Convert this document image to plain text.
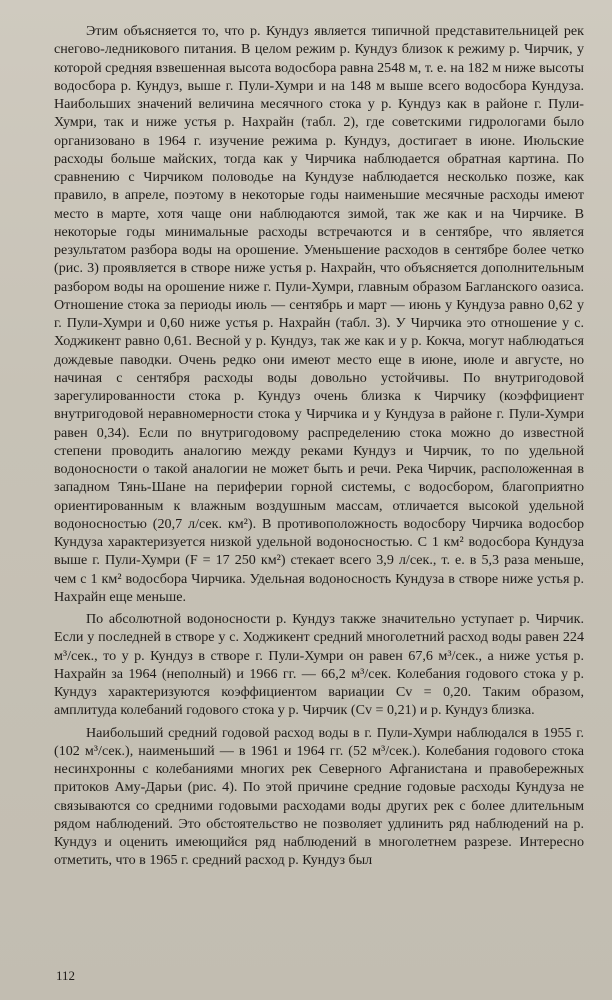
Этим объясняется то, что р. Кундуз является типичной представительницей рек снегово-ледникового питания. В целом режим р. Кундуз близок к режиму р. Чирчик, у которой средняя взвешенная высота водосбора равна 2548 м, т. е. на 182 м ниже высоты водосбора р. Кундуз, выше г. Пули-Хумри и на 148 м выше всего водосбора Кундуза. Наибольших значений величина месячного стока у р. Кундуз как в районе г. Пули-Хумри, так и ниже устья р. Нахрайн (табл. 2), где советскими гидрологами было организовано в 1964 г. изучение режима р. Кундуз, достигает в июне. Июльские расходы больше майских, тогда как у Чирчика наблюдается обратная картина. По сравнению с Чирчиком половодье на Кундузе наблюдается несколько позже, как правило, в апреле, поэтому в некоторые годы наименьшие месячные расходы имеют место в марте, хотя чаще они наблюдаются зимой, так же как и на Чирчике. В некоторые годы минимальные расходы встречаются и в сентябре, что является результатом разбора воды на орошение. Уменьшение расходов в сентябре более четко (рис. 3) проявляется в створе ниже устья р. Нахрайн, что объясняется дополнительным разбором воды на орошение ниже г. Пули-Хумри, главным образом Багланского оазиса. Отношение стока за периоды июль — сентябрь и март — июнь у Кундуза равно 0,62 у г. Пули-Хумри и 0,60 ниже устья р. Нахрайн (табл. 3). У Чирчика это отношение у с. Ходжикент равно 0,61. Весной у р. Кундуз, так же как и у р. Кокча, могут наблюдаться дождевые паводки. Очень редко они имеют место еще в июне, июле и августе, но начиная с сентября расходы воды довольно устойчивы. По внутригодовой зарегулированности стока р. Кундуз очень близка к Чирчику (коэффициент внутригодовой неравномерности стока у Чирчика и у Кундуза в районе г. Пули-Хумри равен 0,34). Если по внутригодовому распределению стока можно до известной степени проводить аналогию между реками Кундуз и Чирчик, то по удельной водоносности о такой аналогии не может быть и речи. Река Чирчик, расположенная в западном Тянь-Шане на периферии горной системы, с водосбором, благоприятно ориентированным к влажным воздушным массам, отличается высокой удельной водоносностью (20,7 л/сек. км²). В противоположность водосбору Чирчика водосбор Кундуза характеризуется низкой удельной водоносностью. С 1 км² водосбора Кундуза выше г. Пули-Хумри (F = 17 250 км²) стекает всего 3,9 л/сек., т. е. в 5,3 раза меньше, чем с 1 км² водосбора Чирчика. Удельная водоносность Кундуза в створе ниже устья р. Нахрайн еще меньше.

По абсолютной водоносности р. Кундуз также значительно уступает р. Чирчик. Если у последней в створе у с. Ходжикент средний многолетний расход воды равен 224 м³/сек., то у р. Кундуз в створе г. Пули-Хумри он равен 67,6 м³/сек., а ниже устья р. Нахрайн за 1964 (неполный) и 1966 гг. — 66,2 м³/сек. Колебания годового стока у р. Кундуз характеризуются коэффициентом вариации Cv = 0,20. Таким образом, амплитуда колебаний годового стока у р. Чирчик (Cv = 0,21) и р. Кундуз близка.

Наибольший средний годовой расход воды в г. Пули-Хумри наблюдался в 1955 г. (102 м³/сек.), наименьший — в 1961 и 1964 гг. (52 м³/сек.). Колебания годового стока несинхронны с колебаниями многих рек Северного Афганистана и правобережных притоков Аму-Дарьи (рис. 4). По этой причине средние годовые расходы Кундуза не связываются со средними годовыми расходами воды других рек с более длительным рядом наблюдений. Это обстоятельство не позволяет удлинить ряд наблюдений на р. Кундуз и оценить имеющийся ряд наблюдений в многолетнем разрезе. Интересно отметить, что в 1965 г. средний расход р. Кундуз был

112
